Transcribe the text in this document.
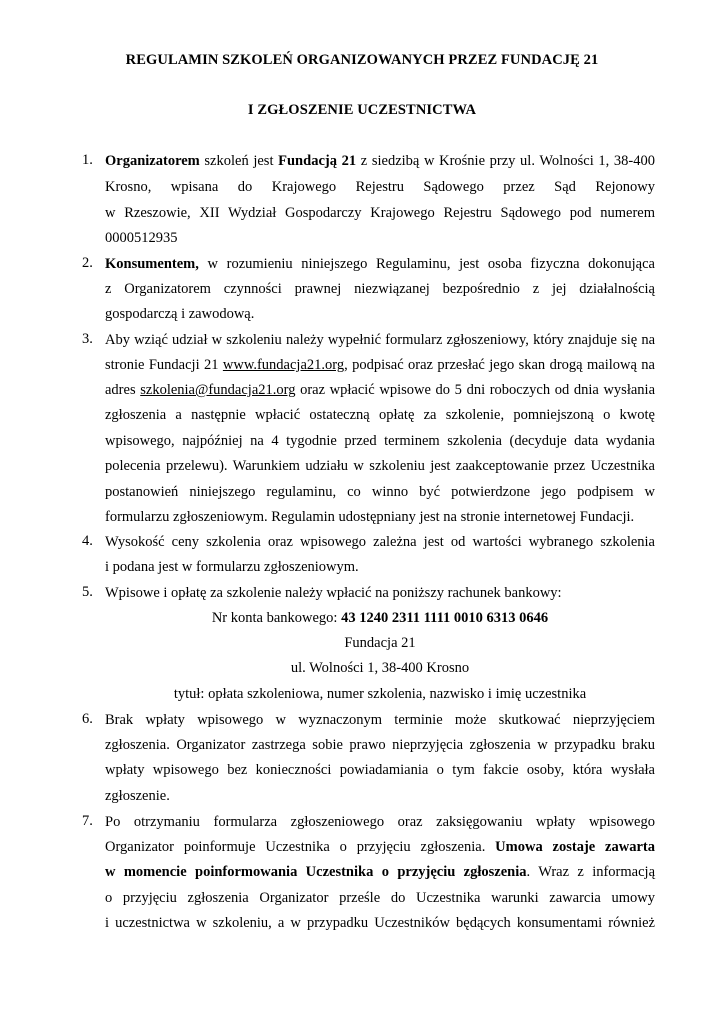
REGULAMIN SZKOLEŃ ORGANIZOWANYCH PRZEZ FUNDACJĘ 21
I ZGŁOSZENIE UCZESTNICTWA
1. Organizatorem szkoleń jest Fundacją 21 z siedzibą w Krośnie przy ul. Wolności 1, 38-400
Krosno, wpisana do Krajowego Rejestru Sądowego przez Sąd Rejonowy
w Rzeszowie, XII Wydział Gospodarczy Krajowego Rejestru Sądowego pod numerem
0000512935
2. Konsumentem, w rozumieniu niniejszego Regulaminu, jest osoba fizyczna dokonująca
z Organizatorem czynności prawnej niezwiązanej bezpośrednio z jej działalnością
gospodarczą i zawodową.
3. Aby wziąć udział w szkoleniu należy wypełnić formularz zgłoszeniowy, który znajduje się na
stronie Fundacji 21 www.fundacja21.org, podpisać oraz przesłać jego skan drogą mailową na
adres szkolenia@fundacja21.org oraz wpłacić wpisowe do 5 dni roboczych od dnia wysłania
zgłoszenia a następnie wpłacić ostateczną opłatę za szkolenie, pomniejszoną o kwotę
wpisowego, najpóźniej na 4 tygodnie przed terminem szkolenia (decyduje data wydania
polecenia przelewu). Warunkiem udziału w szkoleniu jest zaakceptowanie przez Uczestnika
postanowień niniejszego regulaminu, co winno być potwierdzone jego podpisem w
formularzu zgłoszeniowym. Regulamin udostępniany jest na stronie internetowej Fundacji.
4. Wysokość ceny szkolenia oraz wpisowego zależna jest od wartości wybranego szkolenia
i podana jest w formularzu zgłoszeniowym.
5. Wpisowe i opłatę za szkolenie należy wpłacić na poniższy rachunek bankowy:
Nr konta bankowego: 43 1240 2311 1111 0010 6313 0646
Fundacja 21
ul. Wolności 1, 38-400 Krosno
tytuł: opłata szkoleniowa, numer szkolenia, nazwisko i imię uczestnika
6. Brak wpłaty wpisowego w wyznaczonym terminie może skutkować nieprzyjęciem
zgłoszenia. Organizator zastrzega sobie prawo nieprzyjęcia zgłoszenia w przypadku braku
wpłaty wpisowego bez konieczności powiadamiania o tym fakcie osoby, która wysłała
zgłoszenie.
7. Po otrzymaniu formularza zgłoszeniowego oraz zaksięgowaniu wpłaty wpisowego
Organizator poinformuje Uczestnika o przyjęciu zgłoszenia. Umowa zostaje zawarta
w momencie poinformowania Uczestnika o przyjęciu zgłoszenia. Wraz z informacją
o przyjęciu zgłoszenia Organizator prześle do Uczestnika warunki zawarcia umowy
i uczestnictwa w szkoleniu, a w przypadku Uczestników będących konsumentami również
